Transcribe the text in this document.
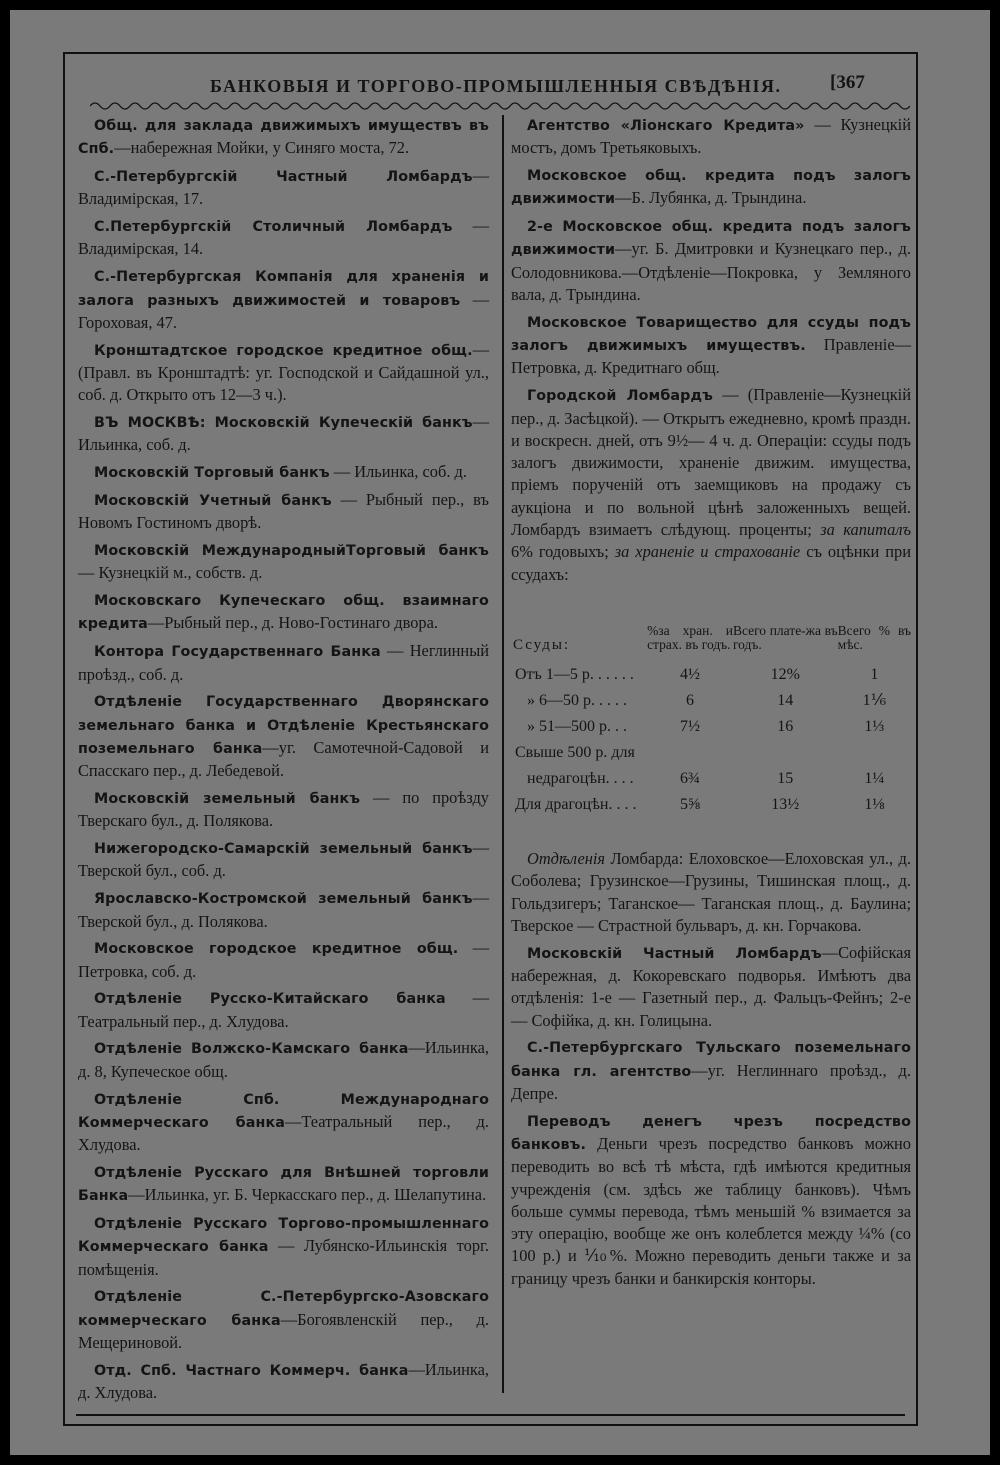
БАНКОВЫЯ И ТОРГОВО-ПРОМЫШЛЕННЫЯ СВѢДѢНІЯ.	[367

Общ. для заклада движимыхъ имуществъ въ Спб.—набережная Мойки, у Синяго моста, 72.

С.-Петербургскій Частный Ломбардъ—Владимірская, 17.

С.Петербургскій Столичный Ломбардъ — Владимірская, 14.

С.-Петербургская Компанія для храненія и залога разныхъ движимостей и товаровъ — Гороховая, 47.

Кронштадтское городское кредитное общ.— (Правл. въ Кронштадтѣ: уг. Господской и Сайдашной ул., соб. д. Открыто отъ 12—3 ч.).

ВЪ МОСКВѢ: Московскій Купеческій банкъ— Ильинка, соб. д.

Московскій Торговый банкъ — Ильинка, соб. д.

Московскій Учетный банкъ — Рыбный пер., въ Новомъ Гостиномъ дворѣ.

Московскій МеждународныйТорговый банкъ — Кузнецкій м., собств. д.

Московскаго Купеческаго общ. взаимнаго кредита—Рыбный пер., д. Ново-Гостинаго двора.

Контора Государственнаго Банка — Неглинный проѣзд., соб. д.

Отдѣленіе Государственнаго Дворянскаго земельнаго банка и Отдѣленіе Крестьянскаго поземельнаго банка—уг. Самотечной-Садовой и Спасскаго пер., д. Лебедевой.

Московскій земельный банкъ — по проѣзду Тверскаго бул., д. Полякова.

Нижегородско-Самарскій земельный банкъ— Тверской бул., соб. д.

Ярославско-Костромской земельный банкъ— Тверской бул., д. Полякова.

Московское городское кредитное общ. — Петровка, соб. д.

Отдѣленіе Русско-Китайскаго банка — Театральный пер., д. Хлудова.

Отдѣленіе Волжско-Камскаго банка—Ильинка, д. 8, Купеческое общ.

Отдѣленіе Спб. Международнаго Коммерческаго банка—Театральный пер., д. Хлудова.

Отдѣленіе Русскаго для Внѣшней торговли Банка—Ильинка, уг. Б. Черкасскаго пер., д. Шелапутина.

Отдѣленіе Русскаго Торгово-промышленнаго Коммерческаго банка — Лубянско-Ильинскія торг. помѣщенія.

Отдѣленіе С.-Петербургско-Азовскаго коммерческаго банка—Богоявленскій пер., д. Мещериновой.

Отд. Спб. Частнаго Коммерч. банка—Ильинка, д. Хлудова.

Агентство «Ліонскаго Кредита» — Кузнецкій мостъ, домъ Третьяковыхъ.

Московское общ. кредита подъ залогъ движимости—Б. Лубянка, д. Трындина.

2-е Московское общ. кредита подъ залогъ движимости—уг. Б. Дмитровки и Кузнецкаго пер., д. Солодовникова.—Отдѣленіе—Покровка, у Земляного вала, д. Трындина.

Московское Товарищество для ссуды подъ залогъ движимыхъ имуществъ. Правленіе— Петровка, д. Кредитнаго общ.

Городской Ломбардъ — (Правленіе—Кузнецкій пер., д. Засѣцкой). — Открытъ ежедневно, кромѣ праздн. и воскресн. дней, отъ 9½— 4 ч. д. Операціи: ссуды подъ залогъ движимости, храненіе движим. имущества, пріемъ порученій отъ заемщиковъ на продажу съ аукціона и по вольной цѣнѣ заложенныхъ вещей. Ломбардъ взимаетъ слѣдующ. проценты; за капиталъ 6% годовыхъ; за храненіе и страхованіе съ оцѣнки при ссудахъ:

Ссуды:	%за хран. и страх. въ годъ.	Всего плате-жа въ годъ.	Всего % въ мѣс.
Отъ 1—5 р. . . . . .	4½	12%	1
» 6—50 р. . . . .	6	14	1⅙
» 51—500 р. . .	7½	16	1⅓
Свыше 500 р. для			
недрагоцѣн. . . .	6¾	15	1¼
Для драгоцѣн. . . .	5⅝	13½	1⅛

Отдѣленія Ломбарда: Елоховское—Елоховская ул., д. Соболева; Грузинское—Грузины, Тишинская площ., д. Гольдзигеръ; Таганское— Таганская площ., д. Баулина; Тверское — Страстной бульваръ, д. кн. Горчакова.

Московскій Частный Ломбардъ—Софійская набережная, д. Кокоревскаго подворья. Имѣютъ два отдѣленія: 1-е — Газетный пер., д. Фальцъ-Фейнъ; 2-е — Софійка, д. кн. Голицына.

С.-Петербургскаго Тульскаго поземельнаго банка гл. агентство—уг. Неглиннаго проѣзд., д. Депре.

Переводъ денегъ чрезъ посредство банковъ. Деньги чрезъ посредство банковъ можно переводить во всѣ тѣ мѣста, гдѣ имѣются кредитныя учрежденія (см. здѣсь же таблицу банковъ). Чѣмъ больше суммы перевода, тѣмъ меньшій % взимается за эту операцію, вообще же онъ колеблется между ¼% (со 100 р.) и ⅒%. Можно переводить деньги также и за границу чрезъ банки и банкирскія конторы.
